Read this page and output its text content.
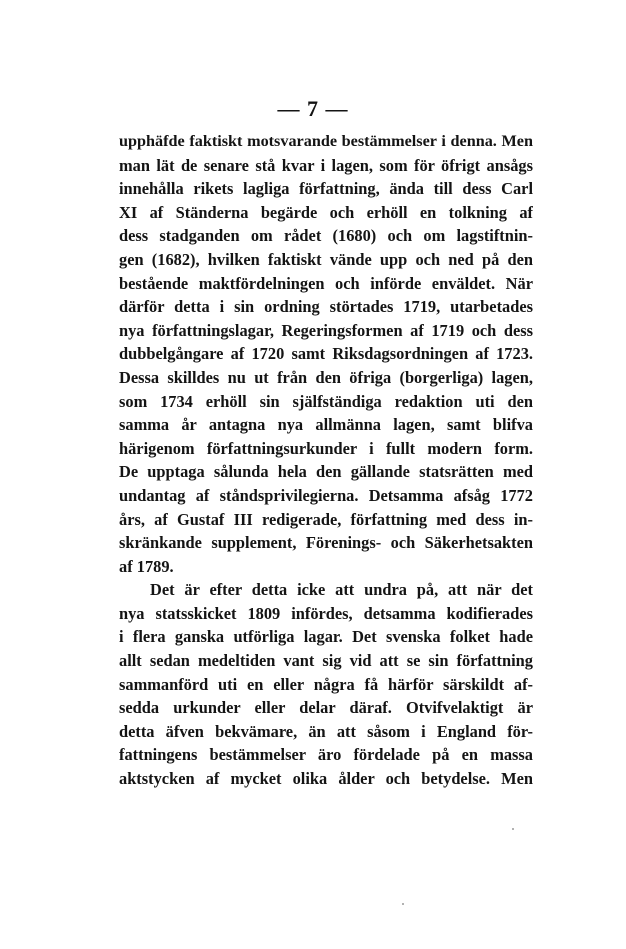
— 7 —
upphäfde faktiskt motsvarande bestämmelser i denna. Men
man lät de senare stå kvar i lagen, som för öfrigt ansågs
innehålla rikets lagliga författning, ända till dess Carl
XI af Ständerna begärde och erhöll en tolkning af
dess stadganden om rådet (1680) och om lagstiftnin-
gen (1682), hvilken faktiskt vände upp och ned på den
bestående maktfördelningen och införde enväldet. När
därför detta i sin ordning störtades 1719, utarbetades
nya författningslagar, Regeringsformen af 1719 och dess
dubbelgångare af 1720 samt Riksdagsordningen af 1723.
Dessa skilldes nu ut från den öfriga (borgerliga) lagen,
som 1734 erhöll sin själfständiga redaktion uti den
samma år antagna nya allmänna lagen, samt blifva
härigenom författningsurkunder i fullt modern form.
De upptaga sålunda hela den gällande statsrätten med
undantag af ståndsprivilegierna. Detsamma afsåg 1772
års, af Gustaf III redigerade, författning med dess in-
skränkande supplement, Förenings- och Säkerhetsakten
af 1789.
Det är efter detta icke att undra på, att när det
nya statsskicket 1809 infördes, detsamma kodifierades
i flera ganska utförliga lagar. Det svenska folket hade
allt sedan medeltiden vant sig vid att se sin författning
sammanförd uti en eller några få härför särskildt af-
sedda urkunder eller delar däraf. Otvifvelaktigt är
detta äfven bekvämare, än att såsom i England för-
fattningens bestämmelser äro fördelade på en massa
aktstycken af mycket olika ålder och betydelse. Men
